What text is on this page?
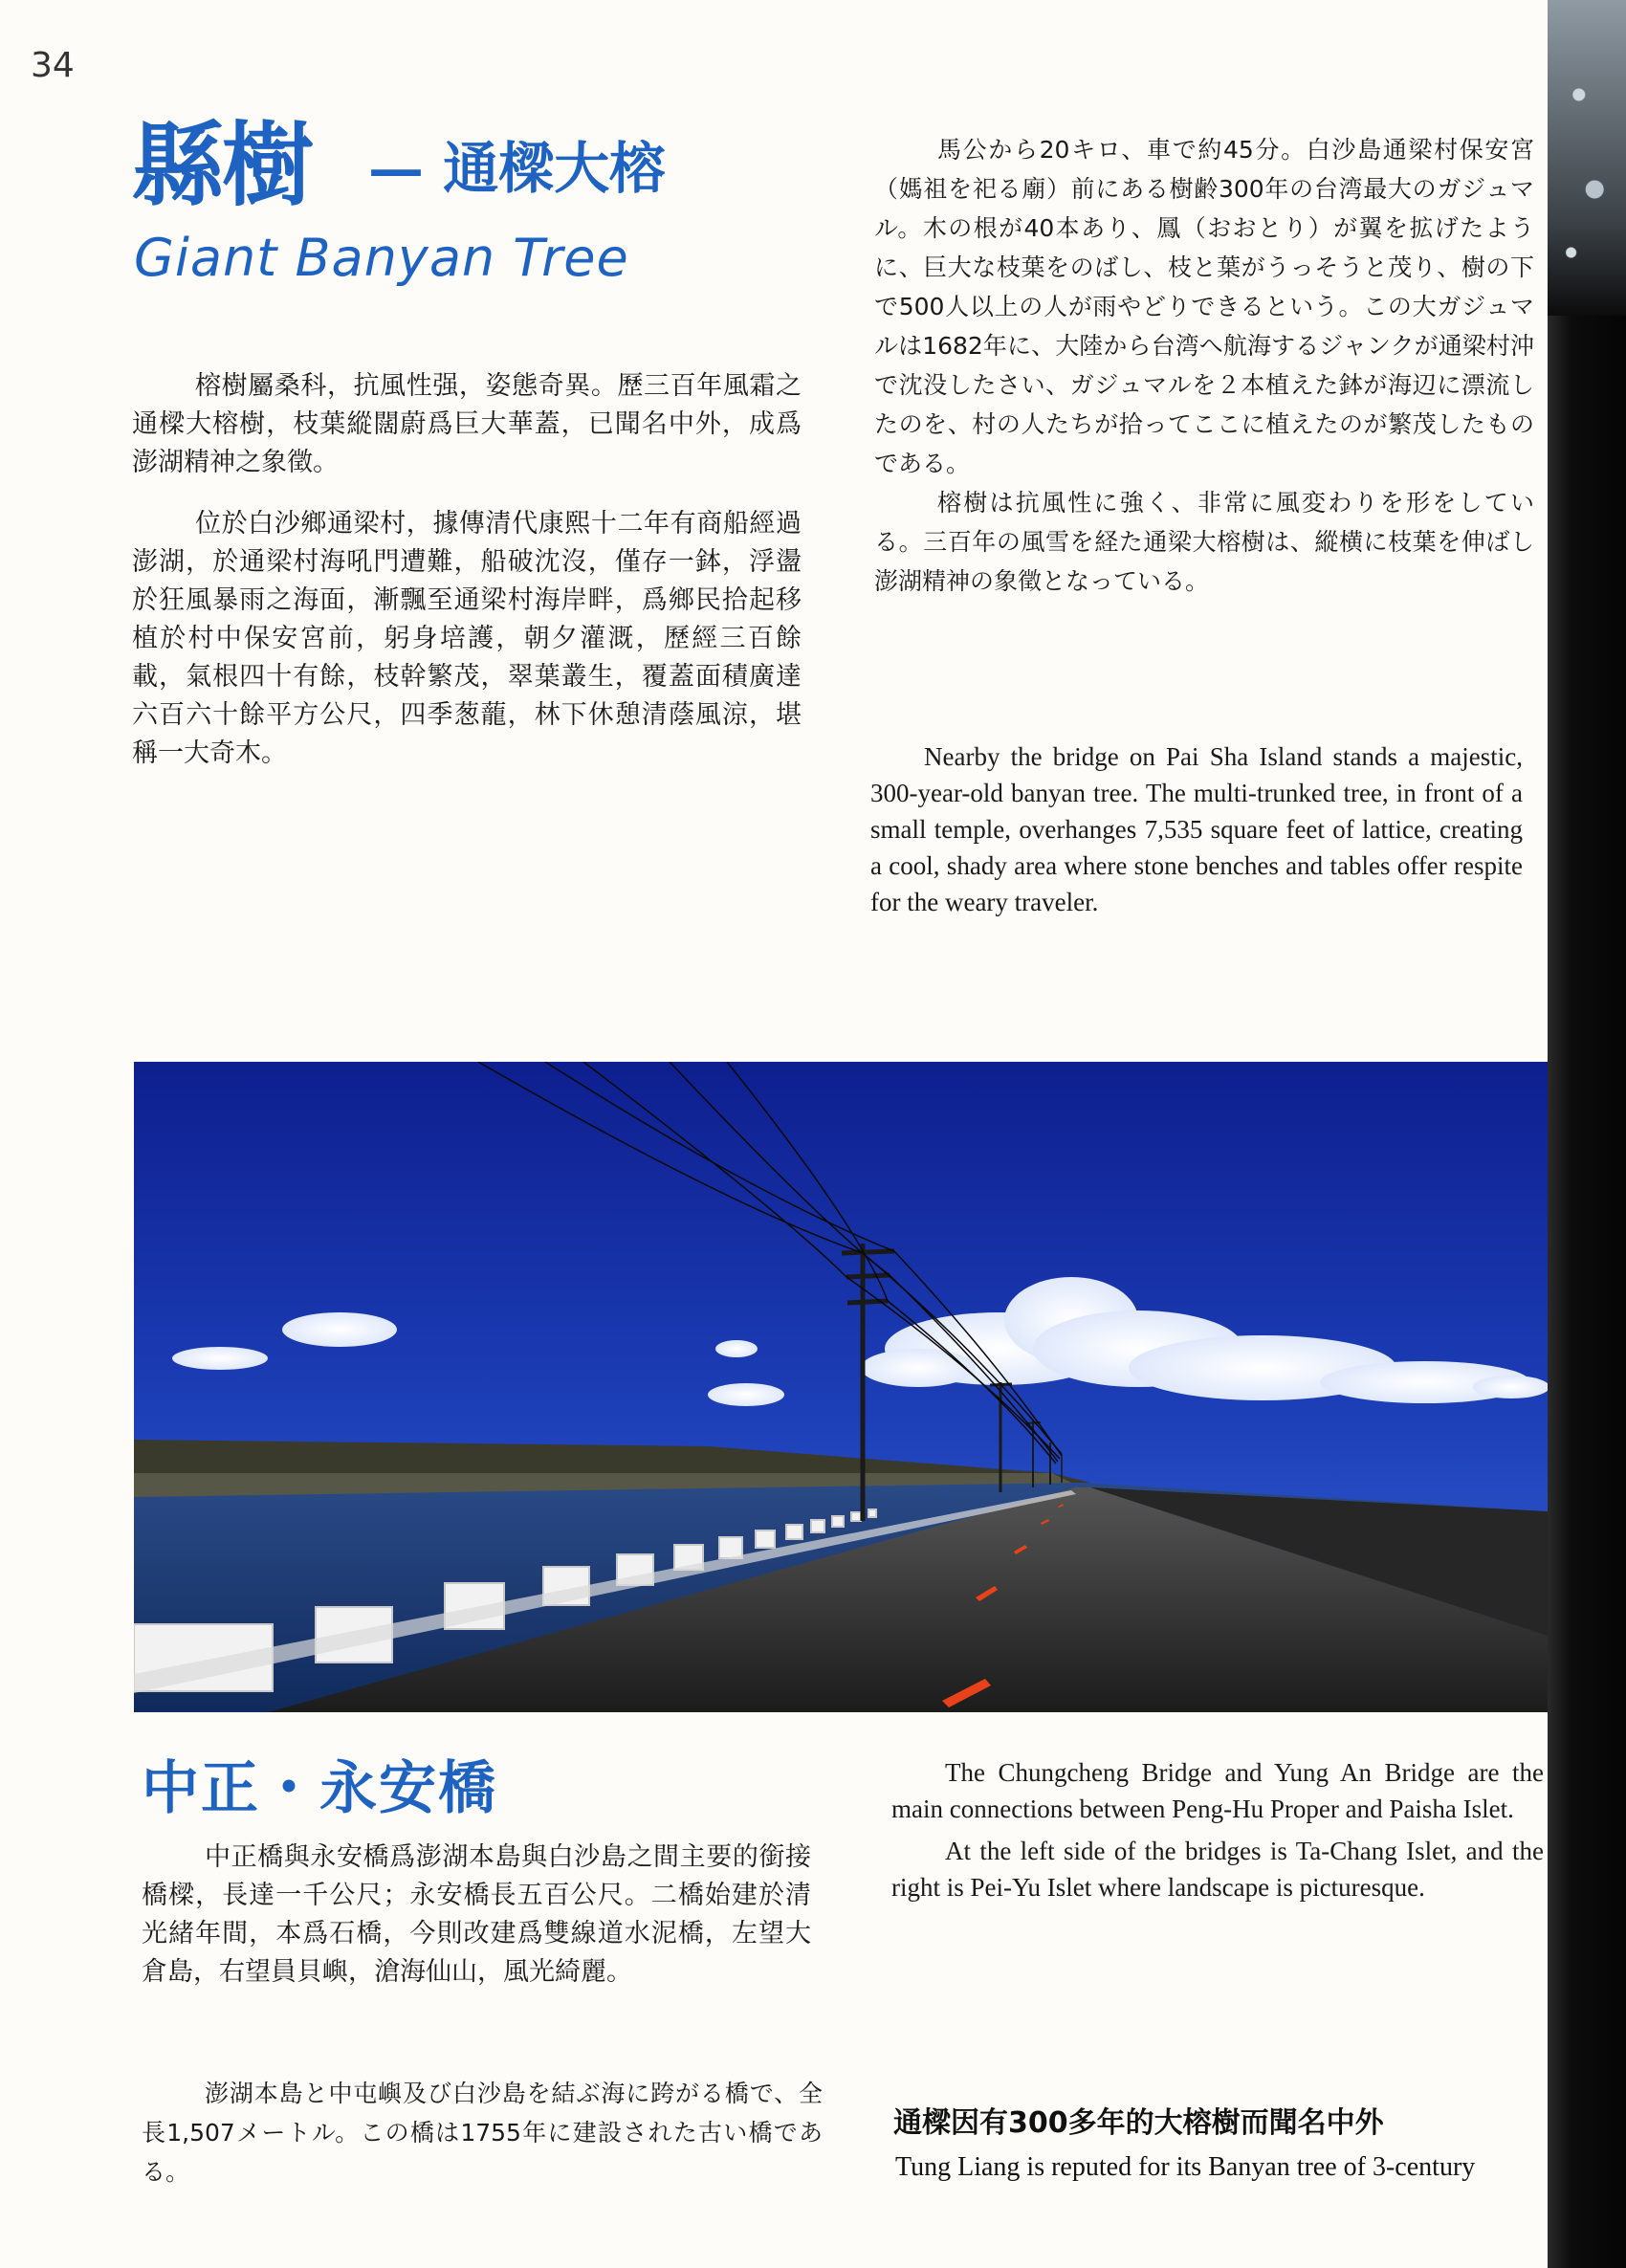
34
縣樹 — 通樑大榕
Giant Banyan Tree

榕樹屬桑科，抗風性强，姿態奇異。歷三百年風霜之通樑大榕樹，枝葉縱闊蔚爲巨大華蓋，已聞名中外，成爲澎湖精神之象徵。

位於白沙鄉通梁村，據傳清代康熙十二年有商船經過澎湖，於通梁村海吼門遭難，船破沈沒，僅存一鉢，浮盪於狂風暴雨之海面，漸飄至通梁村海岸畔，爲鄉民拾起移植於村中保安宮前，躬身培護，朝夕灌溉，歷經三百餘載，氣根四十有餘，枝幹繁茂，翠葉叢生，覆蓋面積廣達六百六十餘平方公尺，四季葱蘢，林下休憩清蔭風涼，堪稱一大奇木。

馬公から20キロ、車で約45分。白沙島通梁村保安宮（媽祖を祀る廟）前にある樹齢300年の台湾最大のガジュマル。木の根が40本あり、鳳（おおとり）が翼を拡げたように、巨大な枝葉をのばし、枝と葉がうっそうと茂り、樹の下で500人以上の人が雨やどりできるという。この大ガジュマルは1682年に、大陸から台湾へ航海するジャンクが通梁村沖で沈没したさい、ガジュマルを２本植えた鉢が海辺に漂流したのを、村の人たちが拾ってここに植えたのが繁茂したものである。

榕樹は抗風性に強く、非常に風変わりを形をしている。三百年の風雪を経た通梁大榕樹は、縱横に枝葉を伸ばし澎湖精神の象徵となっている。

Nearby the bridge on Pai Sha Island stands a majestic, 300-year-old banyan tree. The multi-trunked tree, in front of a small temple, overhanges 7,535 square feet of lattice, creating a cool, shady area where stone benches and tables offer respite for the weary traveler.

中正・永安橋

中正橋與永安橋爲澎湖本島與白沙島之間主要的銜接橋樑，長達一千公尺；永安橋長五百公尺。二橋始建於清光緒年間，本爲石橋，今則改建爲雙線道水泥橋，左望大倉島，右望員貝嶼，滄海仙山，風光綺麗。

澎湖本島と中屯嶼及び白沙島を結ぶ海に跨がる橋で、全長1,507メートル。この橋は1755年に建設された古い橋である。

The Chungcheng Bridge and Yung An Bridge are the main connections between Peng-Hu Proper and Paisha Islet.

At the left side of the bridges is Ta-Chang Islet, and the right is Pei-Yu Islet where landscape is picturesque.

通樑因有300多年的大榕樹而聞名中外
Tung Liang is reputed for its Banyan tree of 3-century
